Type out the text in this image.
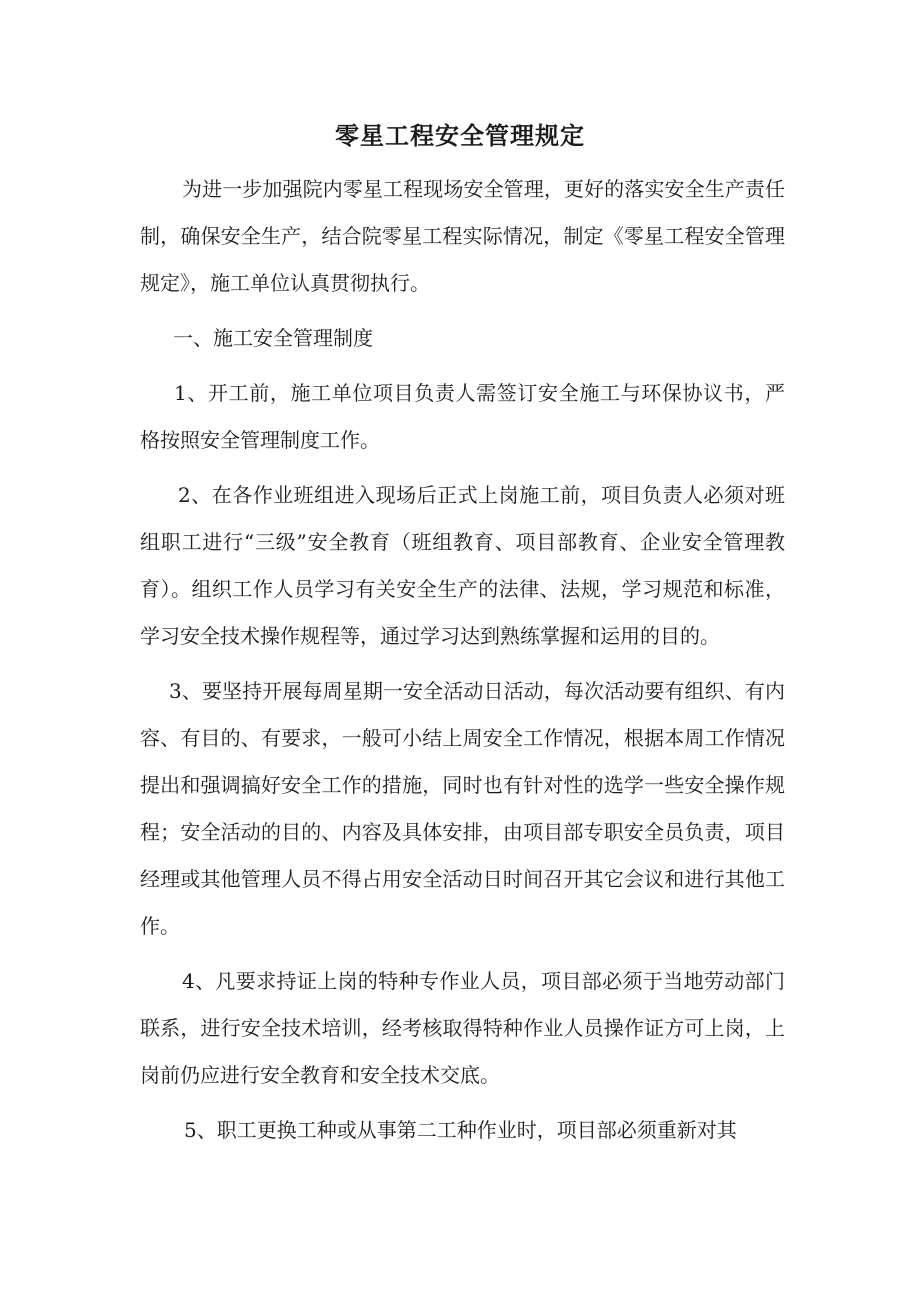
零星工程安全管理规定

为进一步加强院内零星工程现场安全管理，更好的落实安全生产责任制，确保安全生产，结合院零星工程实际情况，制定《零星工程安全管理规定》，施工单位认真贯彻执行。

一、施工安全管理制度

1、开工前，施工单位项目负责人需签订安全施工与环保协议书，严格按照安全管理制度工作。

2、在各作业班组进入现场后正式上岗施工前，项目负责人必须对班组职工进行“三级”安全教育（班组教育、项目部教育、企业安全管理教育）。组织工作人员学习有关安全生产的法律、法规，学习规范和标准，学习安全技术操作规程等，通过学习达到熟练掌握和运用的目的。

3、要坚持开展每周星期一安全活动日活动，每次活动要有组织、有内容、有目的、有要求，一般可小结上周安全工作情况，根据本周工作情况提出和强调搞好安全工作的措施，同时也有针对性的选学一些安全操作规程；安全活动的目的、内容及具体安排，由项目部专职安全员负责，项目经理或其他管理人员不得占用安全活动日时间召开其它会议和进行其他工作。

4、凡要求持证上岗的特种专作业人员，项目部必须于当地劳动部门联系，进行安全技术培训，经考核取得特种作业人员操作证方可上岗，上岗前仍应进行安全教育和安全技术交底。

5、职工更换工种或从事第二工种作业时，项目部必须重新对其
